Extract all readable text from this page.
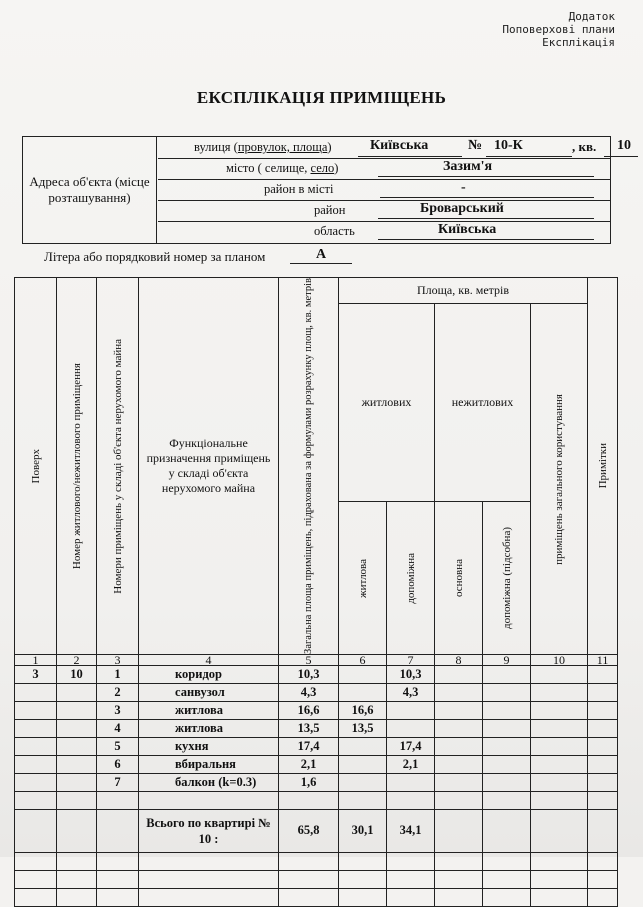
Додаток
Поповерхові плани
Експлікація
ЕКСПЛІКАЦІЯ ПРИМІЩЕНЬ
Адреса об'єкта (місце розташування)
вулиця (провулок, площа)	Київська	№ 10-К	, кв. 10
місто ( селище, село)	Зазим'я
район в місті	-
район	Броварський
область	Київська
Літера або порядковий номер за планом	А
Поверх	Номер житлового/нежитлового приміщення	Номери приміщень у складі об'єкта нерухомого майна	Функціональне призначення приміщень у складі об'єкта нерухомого майна	Загальна площа приміщень, підрахована за формулами розрахунку площ, кв. метрів	Площа, кв. метрів					Примітки

					житлових		нежитлових		приміщень загального користування	

					житлова	допоміжна	основна	допоміжна (підсобна)		

1	2	3	4	5	6	7	8	9	10	11
3	10	1	коридор	10,3		10,3				
		2	санвузол	4,3		4,3				
		3	житлова	16,6	16,6					
		4	житлова	13,5	13,5					
		5	кухня	17,4		17,4				
		6	вбиральня	2,1		2,1				
		7	балкон (k=0.3)	1,6						

			Всього по квартирі № 10 :	65,8	30,1	34,1				
